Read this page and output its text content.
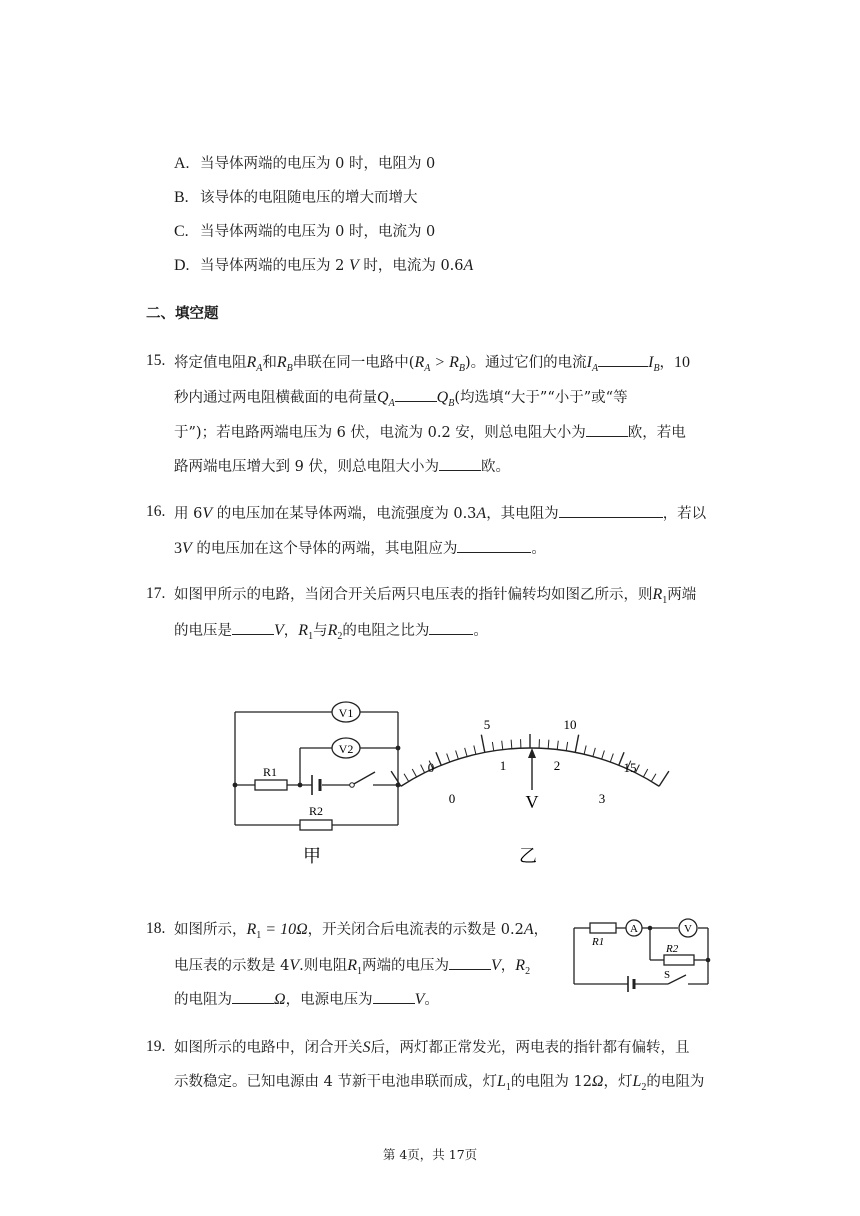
A. 当导体两端的电压为 0 时，电阻为 0
B. 该导体的电阻随电压的增大而增大
C. 当导体两端的电压为 0 时，电流为 0
D. 当导体两端的电压为 2 V 时，电流为 0.6A
二、填空题
15. 将定值电阻$R_A$和$R_B$串联在同一电路中$(R_A > R_B)$。通过它们的电流$I_A$	$I_B$，10
秒内通过两电阻横截面的电荷量$Q_A$	$Q_B$(均选填“大于”“小于”或“等
于”)；若电路两端电压为 6 伏，电流为 0.2 安，则总电阻大小为	欧，若电
路两端电压增大到 9 伏，则总电阻大小为	欧。
16. 用 6V 的电压加在某导体两端，电流强度为 0.3A，其电阻为	，若以
3V 的电压加在这个导体的两端，其电阻应为	。
17. 如图甲所示的电路，当闭合开关后两只电压表的指针偏转均如图乙所示，则$R_1$两端
的电压是	V，$R_1$与$R_2$的电阻之比为	。
V1
V2
R1
R2
甲
0
5	10
15
0
1	2
3
V
乙
18. 如图所示，$R_1 = 10\Omega$，开关闭合后电流表的示数是 0.2A，
电压表的示数是 4V.则电阻$R_1$两端的电压为	V，$R_2$
的电阻为	Ω，电源电压为	V。
R1
R2
A	V
S
19. 如图所示的电路中，闭合开关S后，两灯都正常发光，两电表的指针都有偏转，且
示数稳定。已知电源由 4 节新干电池串联而成，灯$L_1$的电阻为 12Ω，灯$L_2$的电阻为
第 4页，共 17页
